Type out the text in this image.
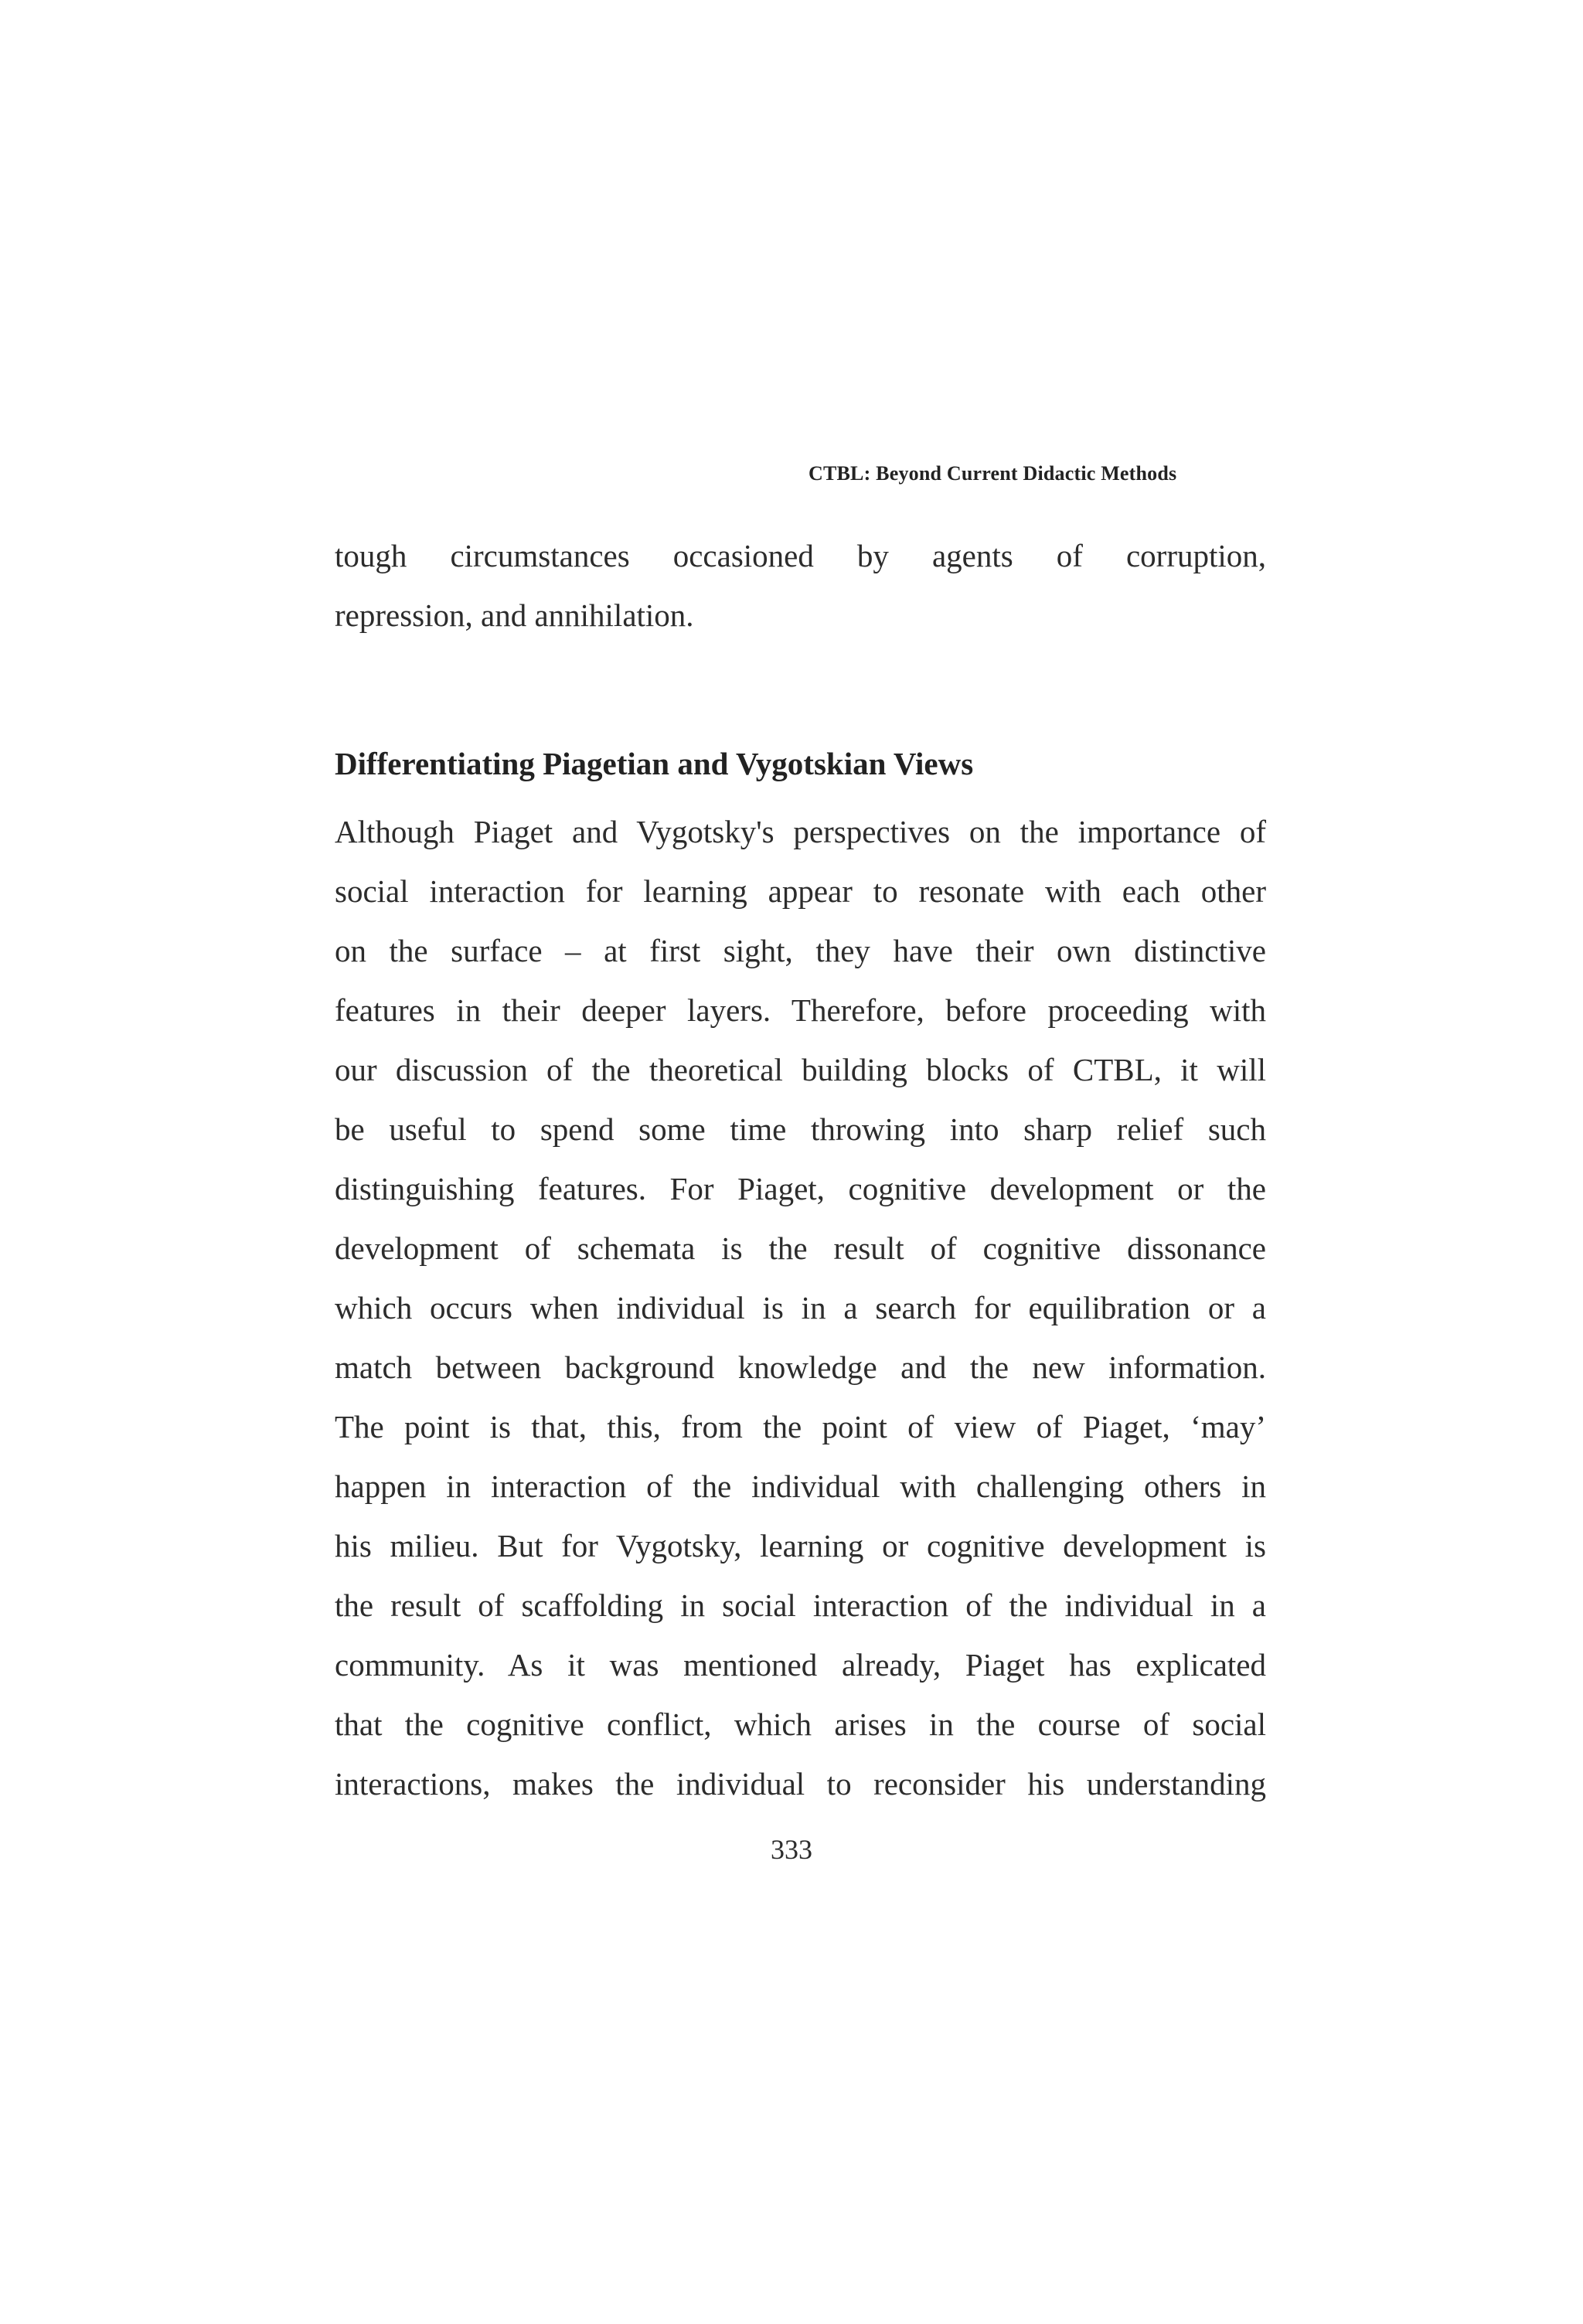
CTBL: Beyond Current Didactic Methods
tough circumstances occasioned by agents of corruption,
repression, and annihilation.
Differentiating Piagetian and Vygotskian Views
Although Piaget and Vygotsky's perspectives on the importance of
social interaction for learning appear to resonate with each other
on the surface – at first sight, they have their own distinctive
features in their deeper layers. Therefore, before proceeding with
our discussion of the theoretical building blocks of CTBL, it will
be useful to spend some time throwing into sharp relief such
distinguishing features. For Piaget, cognitive development or the
development of schemata is the result of cognitive dissonance
which occurs when individual is in a search for equilibration or a
match between background knowledge and the new information.
The point is that, this, from the point of view of Piaget, ‘may’
happen in interaction of the individual with challenging others in
his milieu. But for Vygotsky, learning or cognitive development is
the result of scaffolding in social interaction of the individual in a
community. As it was mentioned already, Piaget has explicated
that the cognitive conflict, which arises in the course of social
interactions, makes the individual to reconsider his understanding
333
